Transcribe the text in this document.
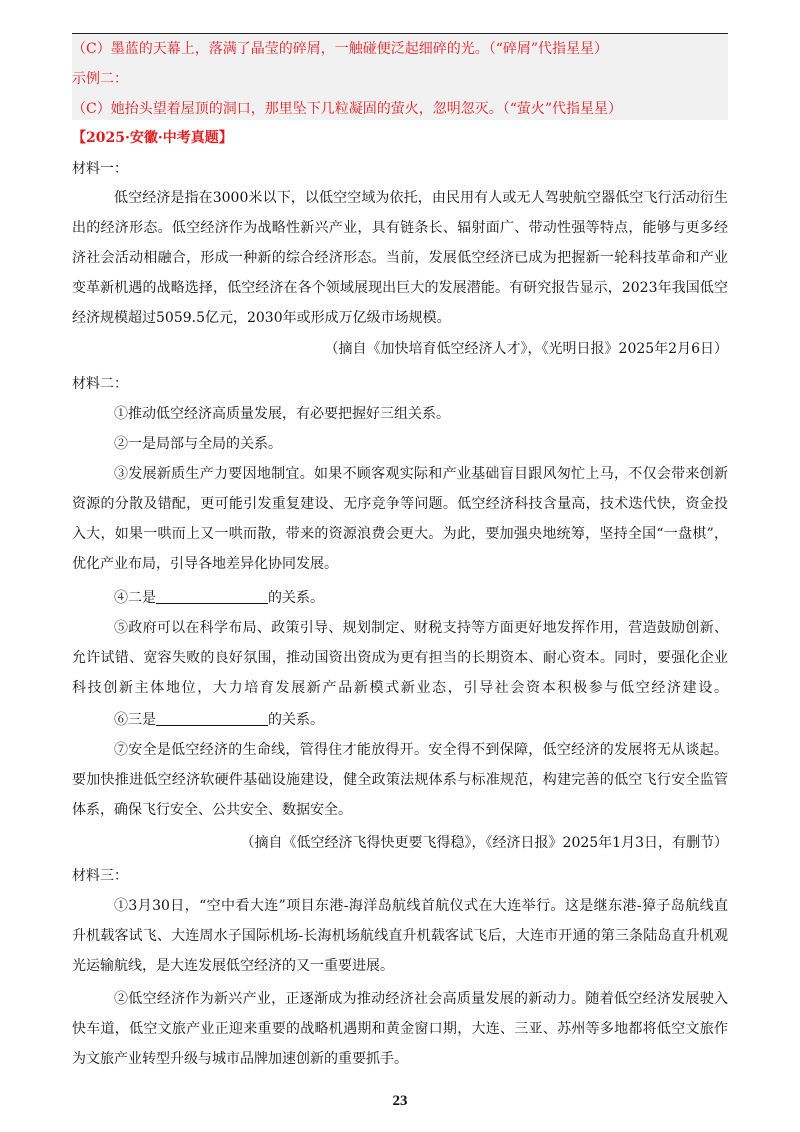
（C）墨蓝的天幕上，落满了晶莹的碎屑，一触碰便泛起细碎的光。（“碎屑”代指星星）
示例二：
（C）她抬头望着屋顶的洞口，那里坠下几粒凝固的萤火，忽明忽灭。（“萤火”代指星星）
【2025·安徽·中考真题】
材料一：
低空经济是指在3000米以下，以低空空域为依托，由民用有人或无人驾驶航空器低空飞行活动衍生
出的经济形态。低空经济作为战略性新兴产业，具有链条长、辐射面广、带动性强等特点，能够与更多经
济社会活动相融合，形成一种新的综合经济形态。当前，发展低空经济已成为把握新一轮科技革命和产业
变革新机遇的战略选择，低空经济在各个领域展现出巨大的发展潜能。有研究报告显示，2023年我国低空
经济规模超过5059.5亿元，2030年或形成万亿级市场规模。
（摘自《加快培育低空经济人才》，《光明日报》2025年2月6日）
材料二：
①推动低空经济高质量发展，有必要把握好三组关系。
②一是局部与全局的关系。
③发展新质生产力要因地制宜。如果不顾客观实际和产业基础盲目跟风匆忙上马，不仅会带来创新
资源的分散及错配，更可能引发重复建设、无序竞争等问题。低空经济科技含量高，技术迭代快，资金投
入大，如果一哄而上又一哄而散，带来的资源浪费会更大。为此，要加强央地统筹，坚持全国“一盘棋”，
优化产业布局，引导各地差异化协同发展。
④二是	的关系。
⑤政府可以在科学布局、政策引导、规划制定、财税支持等方面更好地发挥作用，营造鼓励创新、
允许试错、宽容失败的良好氛围，推动国资出资成为更有担当的长期资本、耐心资本。同时，要强化企业
科技创新主体地位，大力培育发展新产品新模式新业态，引导社会资本积极参与低空经济建设。
⑥三是	的关系。
⑦安全是低空经济的生命线，管得住才能放得开。安全得不到保障，低空经济的发展将无从谈起。
要加快推进低空经济软硬件基础设施建设，健全政策法规体系与标准规范，构建完善的低空飞行安全监管
体系，确保飞行安全、公共安全、数据安全。
（摘自《低空经济飞得快更要飞得稳》，《经济日报》2025年1月3日，有删节）
材料三：
①3月30日，“空中看大连”项目东港-海洋岛航线首航仪式在大连举行。这是继东港-獐子岛航线直
升机载客试飞、大连周水子国际机场-长海机场航线直升机载客试飞后，大连市开通的第三条陆岛直升机观
光运输航线，是大连发展低空经济的又一重要进展。
②低空经济作为新兴产业，正逐渐成为推动经济社会高质量发展的新动力。随着低空经济发展驶入
快车道，低空文旅产业正迎来重要的战略机遇期和黄金窗口期，大连、三亚、苏州等多地都将低空文旅作
为文旅产业转型升级与城市品牌加速创新的重要抓手。
23
